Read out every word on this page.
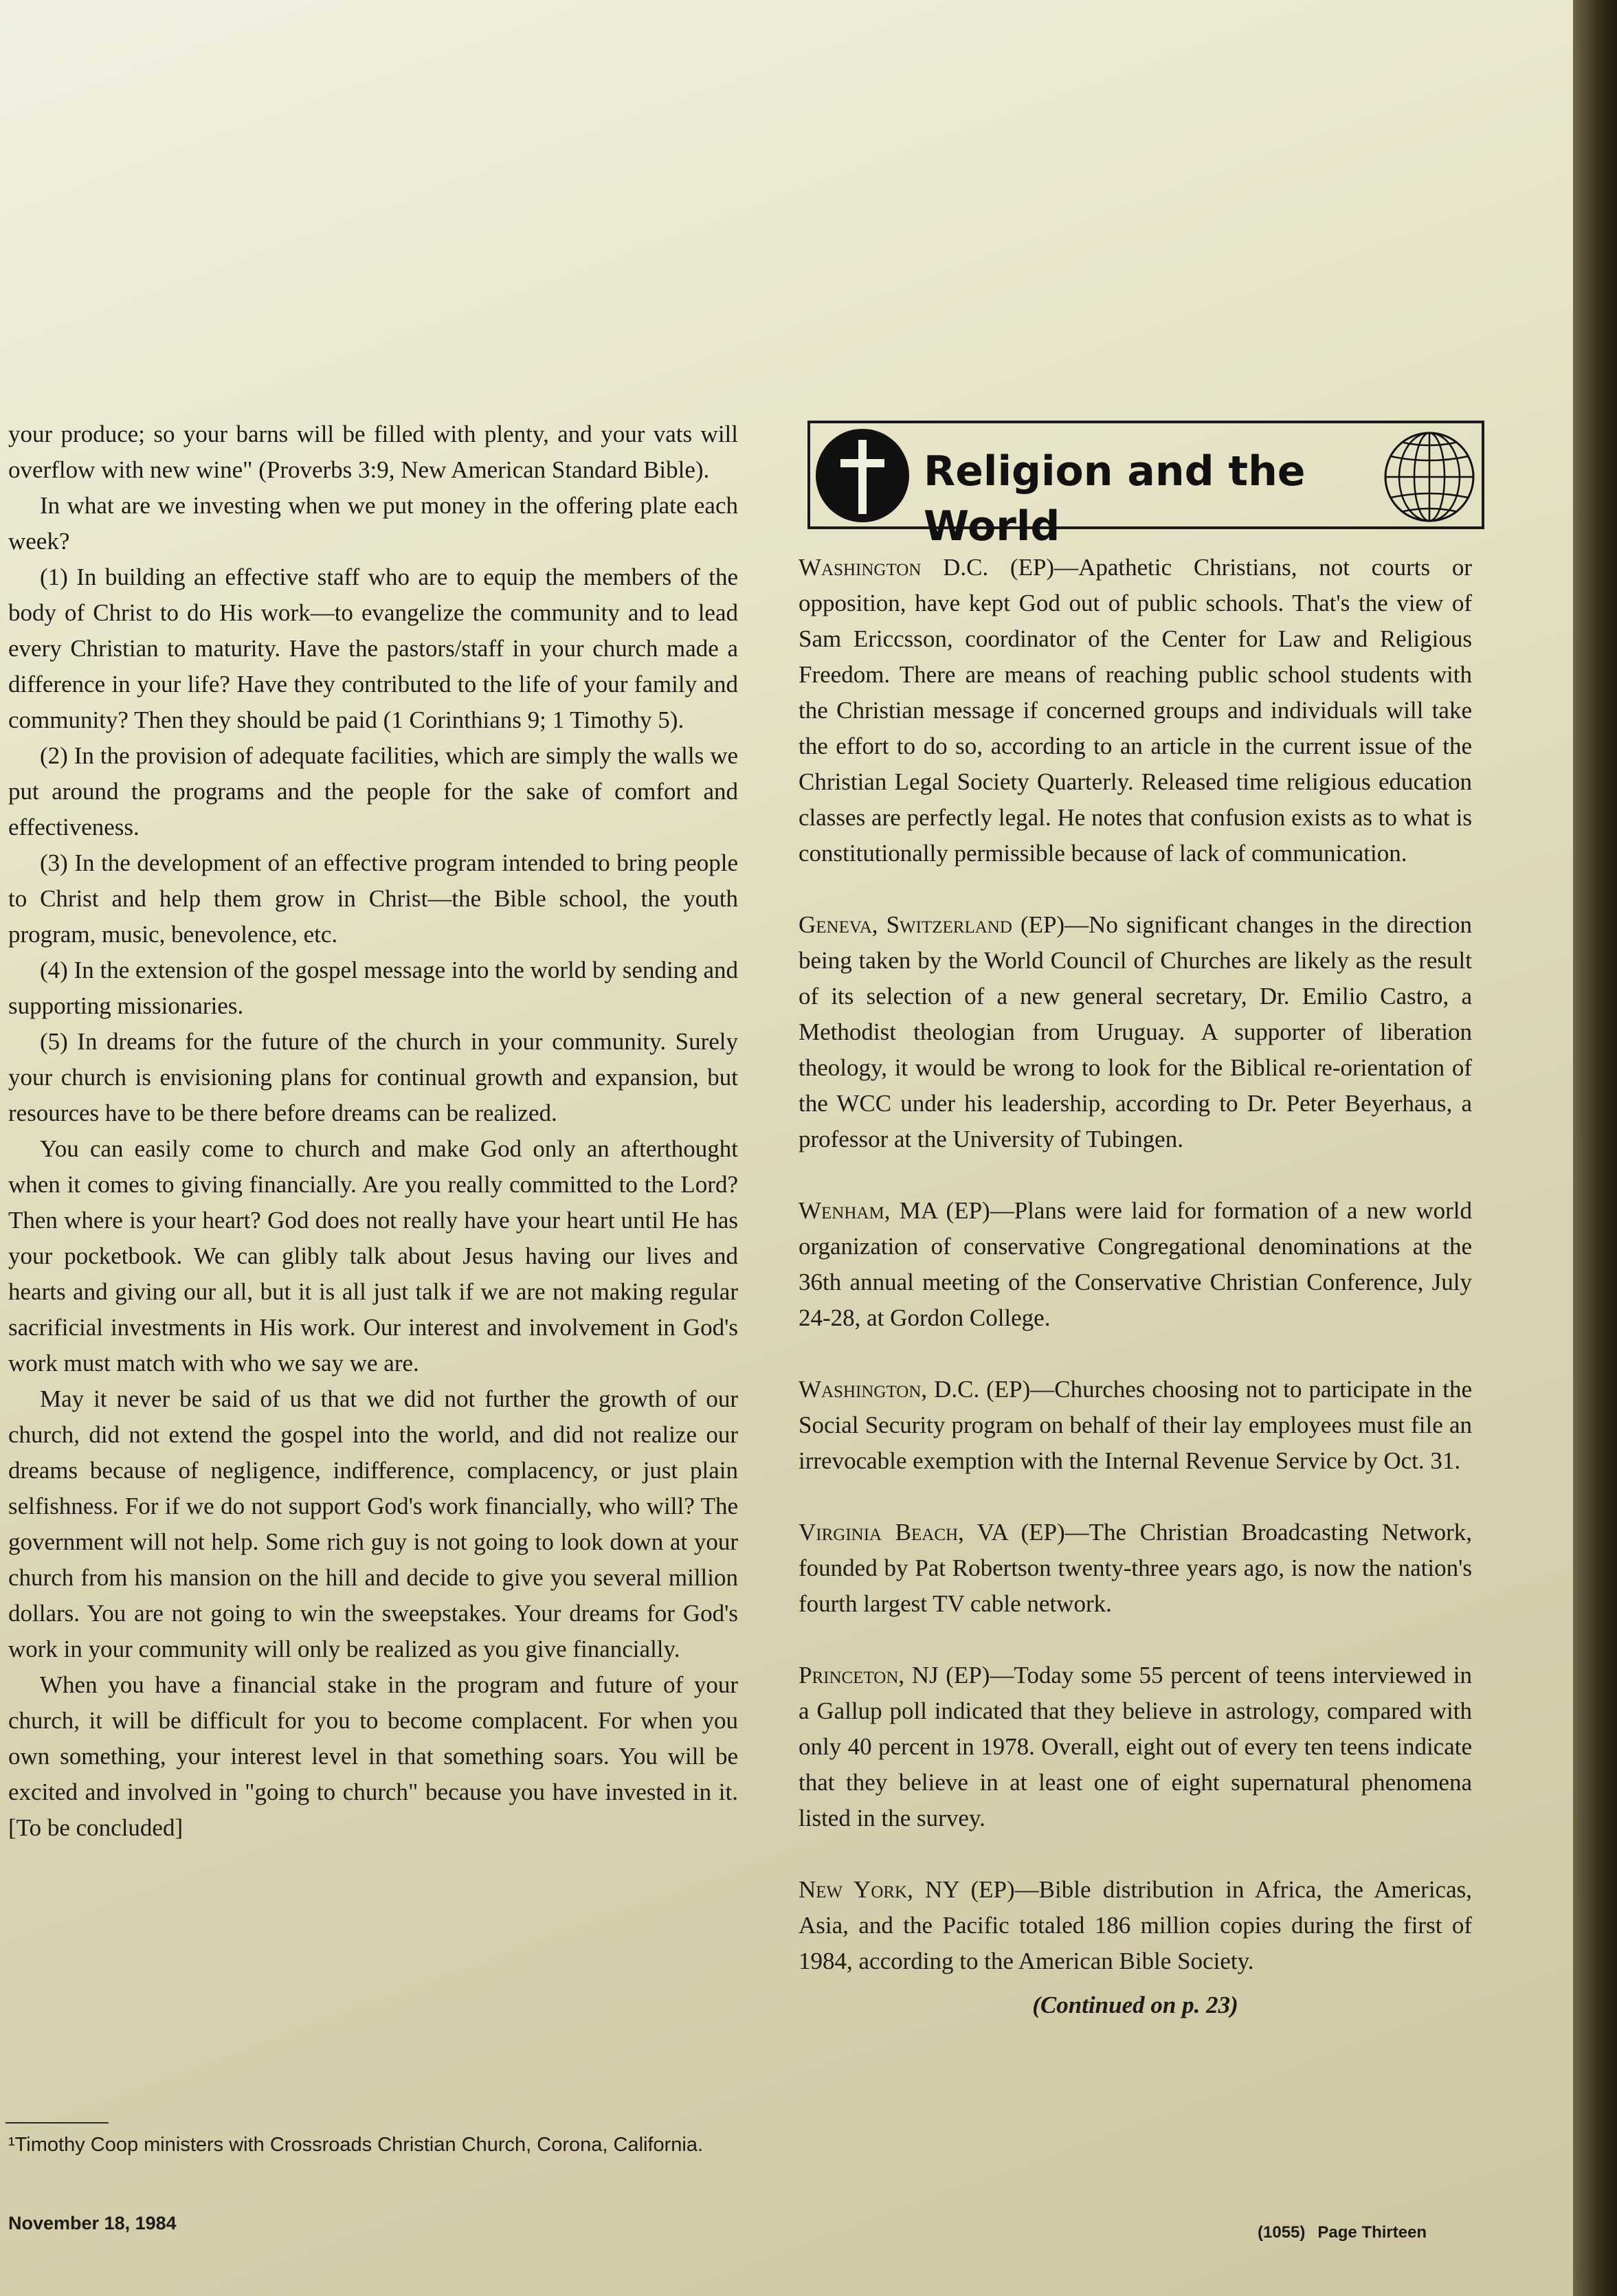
your produce; so your barns will be filled with plenty, and your vats will overflow with new wine" (Proverbs 3:9, New American Standard Bible).

In what are we investing when we put money in the offering plate each week?

(1) In building an effective staff who are to equip the members of the body of Christ to do His work—to evangelize the community and to lead every Christian to maturity. Have the pastors/staff in your church made a difference in your life? Have they contributed to the life of your family and community? Then they should be paid (1 Corinthians 9; 1 Timothy 5).

(2) In the provision of adequate facilities, which are simply the walls we put around the programs and the people for the sake of comfort and effectiveness.

(3) In the development of an effective program intended to bring people to Christ and help them grow in Christ—the Bible school, the youth program, music, benevolence, etc.

(4) In the extension of the gospel message into the world by sending and supporting missionaries.

(5) In dreams for the future of the church in your community. Surely your church is envisioning plans for continual growth and expansion, but resources have to be there before dreams can be realized.

You can easily come to church and make God only an afterthought when it comes to giving financially. Are you really committed to the Lord? Then where is your heart? God does not really have your heart until He has your pocketbook. We can glibly talk about Jesus having our lives and hearts and giving our all, but it is all just talk if we are not making regular sacrificial investments in His work. Our interest and involvement in God's work must match with who we say we are.

May it never be said of us that we did not further the growth of our church, did not extend the gospel into the world, and did not realize our dreams because of negligence, indifference, complacency, or just plain selfishness. For if we do not support God's work financially, who will? The government will not help. Some rich guy is not going to look down at your church from his mansion on the hill and decide to give you several million dollars. You are not going to win the sweepstakes. Your dreams for God's work in your community will only be realized as you give financially.

When you have a financial stake in the program and future of your church, it will be difficult for you to become complacent. For when you own something, your interest level in that something soars. You will be excited and involved in "going to church" because you have invested in it. [To be concluded]

Religion and the World
Washington D.C. (EP)—Apathetic Christians, not courts or opposition, have kept God out of public schools. That's the view of Sam Ericcsson, coordinator of the Center for Law and Religious Freedom. There are means of reaching public school students with the Christian message if concerned groups and individuals will take the effort to do so, according to an article in the current issue of the Christian Legal Society Quarterly. Released time religious education classes are perfectly legal. He notes that confusion exists as to what is constitutionally permissible because of lack of communication.
Geneva, Switzerland (EP)—No significant changes in the direction being taken by the World Council of Churches are likely as the result of its selection of a new general secretary, Dr. Emilio Castro, a Methodist theologian from Uruguay. A supporter of liberation theology, it would be wrong to look for the Biblical re-orientation of the WCC under his leadership, according to Dr. Peter Beyerhaus, a professor at the University of Tubingen.
Wenham, MA (EP)—Plans were laid for formation of a new world organization of conservative Congregational denominations at the 36th annual meeting of the Conservative Christian Conference, July 24-28, at Gordon College.
Washington, D.C. (EP)—Churches choosing not to participate in the Social Security program on behalf of their lay employees must file an irrevocable exemption with the Internal Revenue Service by Oct. 31.
Virginia Beach, VA (EP)—The Christian Broadcasting Network, founded by Pat Robertson twenty-three years ago, is now the nation's fourth largest TV cable network.
Princeton, NJ (EP)—Today some 55 percent of teens interviewed in a Gallup poll indicated that they believe in astrology, compared with only 40 percent in 1978. Overall, eight out of every ten teens indicate that they believe in at least one of eight supernatural phenomena listed in the survey.
New York, NY (EP)—Bible distribution in Africa, the Americas, Asia, and the Pacific totaled 186 million copies during the first of 1984, according to the American Bible Society.
(Continued on p. 23)
¹Timothy Coop ministers with Crossroads Christian Church, Corona, California.
November 18, 1984	(1055) Page Thirteen
